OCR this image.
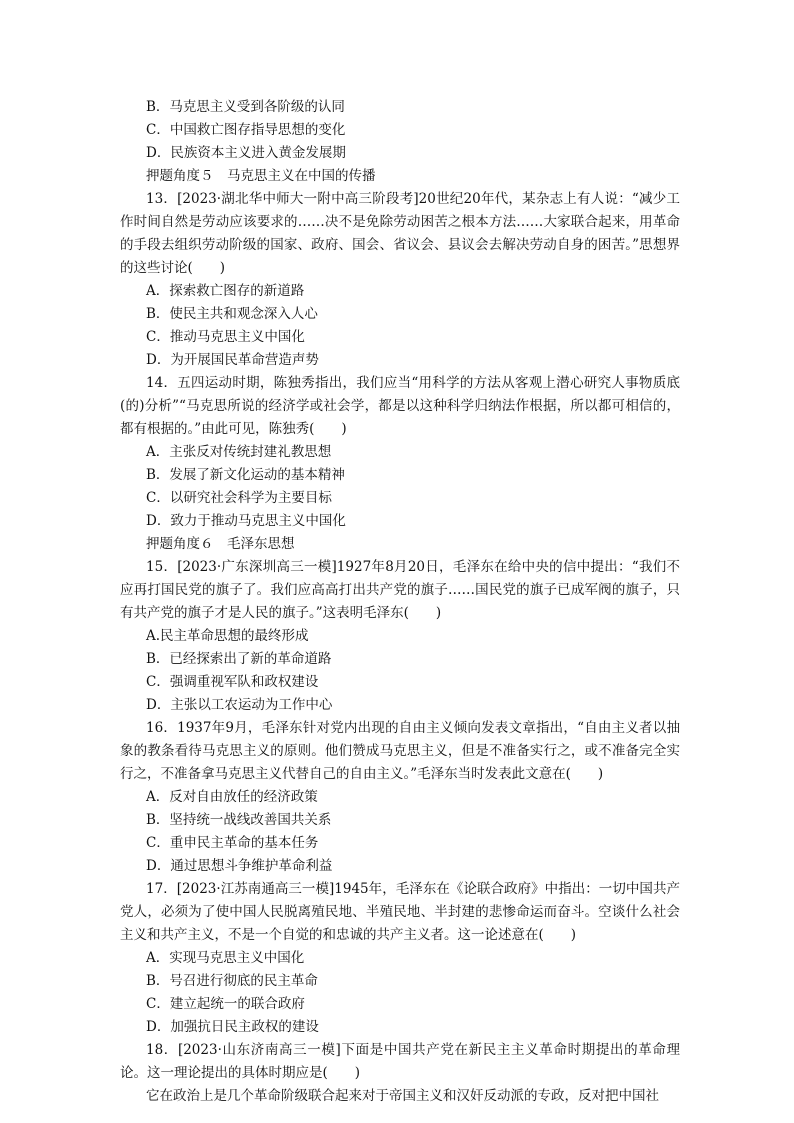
B．马克思主义受到各阶级的认同
C．中国救亡图存指导思想的变化
D．民族资本主义进入黄金发展期
押题角度５　马克思主义在中国的传播
13．[2023·湖北华中师大一附中高三阶段考]20世纪20年代，某杂志上有人说：“减少工作时间自然是劳动应该要求的……决不是免除劳动困苦之根本方法……大家联合起来，用革命的手段去组织劳动阶级的国家、政府、国会、省议会、县议会去解决劳动自身的困苦。”思想界的这些讨论(　　)
A．探索救亡图存的新道路
B．使民主共和观念深入人心
C．推动马克思主义中国化
D．为开展国民革命营造声势
14．五四运动时期，陈独秀指出，我们应当“用科学的方法从客观上潜心研究人事物质底(的)分析”“马克思所说的经济学或社会学，都是以这种科学归纳法作根据，所以都可相信的，都有根据的。”由此可见，陈独秀(　　)
A．主张反对传统封建礼教思想
B．发展了新文化运动的基本精神
C．以研究社会科学为主要目标
D．致力于推动马克思主义中国化
押题角度６　毛泽东思想
15．[2023·广东深圳高三一模]1927年8月20日，毛泽东在给中央的信中提出：“我们不应再打国民党的旗子了。我们应高高打出共产党的旗子……国民党的旗子已成军阀的旗子，只有共产党的旗子才是人民的旗子。”这表明毛泽东(　　)
A.民主革命思想的最终形成
B．已经探索出了新的革命道路
C．强调重视军队和政权建设
D．主张以工农运动为工作中心
16．1937年9月，毛泽东针对党内出现的自由主义倾向发表文章指出，“自由主义者以抽象的教条看待马克思主义的原则。他们赞成马克思主义，但是不准备实行之，或不准备完全实行之，不准备拿马克思主义代替自己的自由主义。”毛泽东当时发表此文意在(　　)
A．反对自由放任的经济政策
B．坚持统一战线改善国共关系
C．重申民主革命的基本任务
D．通过思想斗争维护革命利益
17．[2023·江苏南通高三一模]1945年，毛泽东在《论联合政府》中指出：一切中国共产党人，必须为了使中国人民脱离殖民地、半殖民地、半封建的悲惨命运而奋斗。空谈什么社会主义和共产主义，不是一个自觉的和忠诚的共产主义者。这一论述意在(　　)
A．实现马克思主义中国化
B．号召进行彻底的民主革命
C．建立起统一的联合政府
D．加强抗日民主政权的建设
18．[2023·山东济南高三一模]下面是中国共产党在新民主主义革命时期提出的革命理论。这一理论提出的具体时期应是(　　)
它在政治上是几个革命阶级联合起来对于帝国主义和汉奸反动派的专政，反对把中国社
